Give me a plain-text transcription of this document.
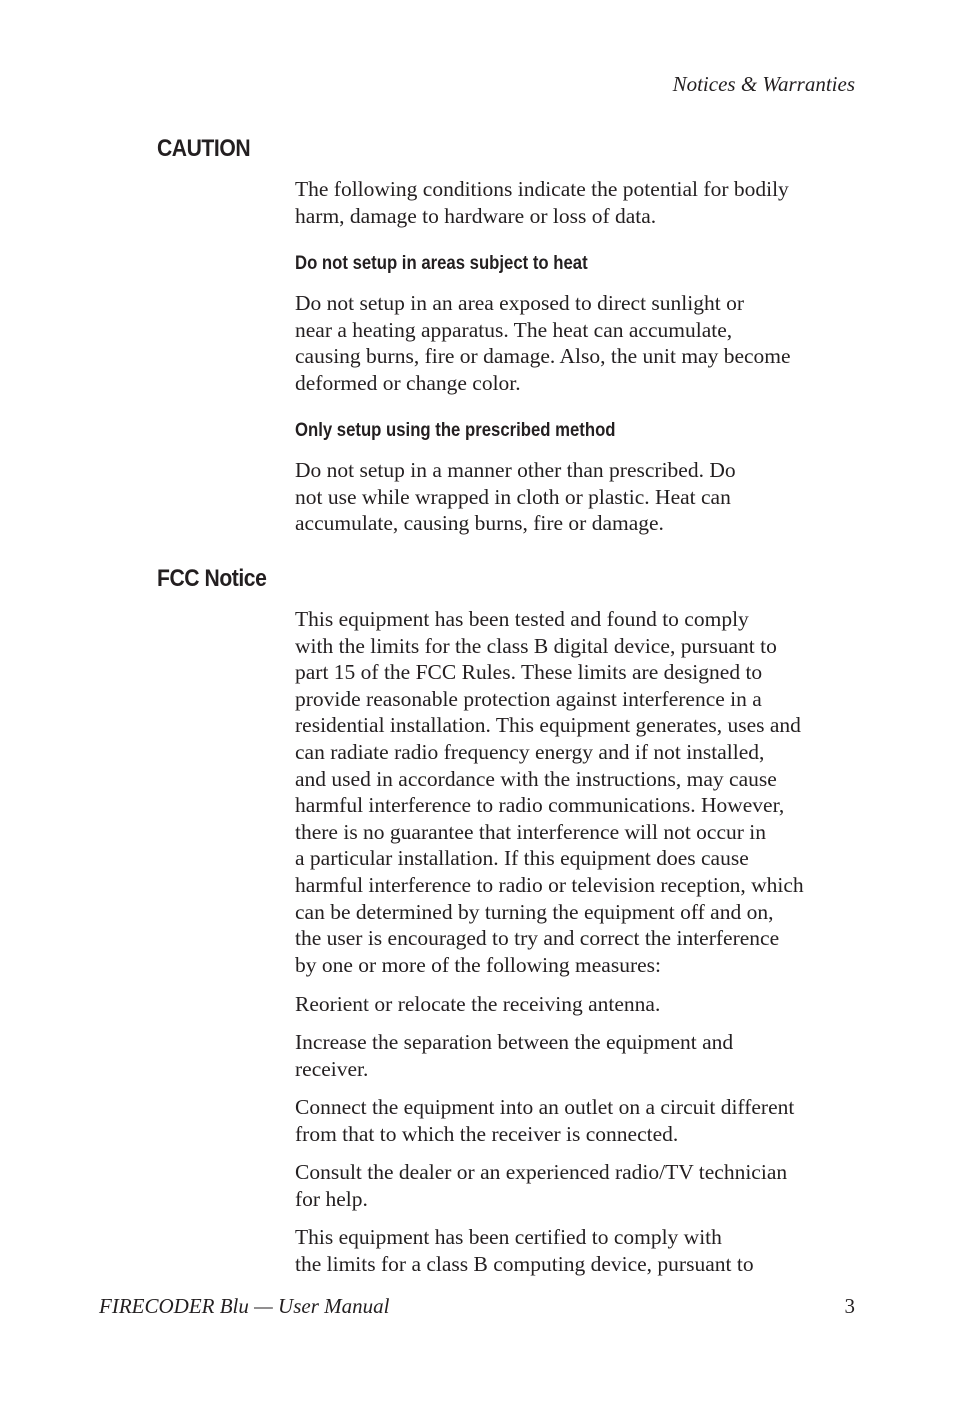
Notices & Warranties
CAUTION

The following conditions indicate the potential for bodily
harm, damage to hardware or loss of data.

Do not setup in areas subject to heat

Do not setup in an area exposed to direct sunlight or
near a heating apparatus. The heat can accumulate,
causing burns, fire or damage. Also, the unit may become
deformed or change color.

Only setup using the prescribed method

Do not setup in a manner other than prescribed. Do
not use while wrapped in cloth or plastic. Heat can
accumulate, causing burns, fire or damage.

FCC Notice

This equipment has been tested and found to comply
with the limits for the class B digital device, pursuant to
part 15 of the FCC Rules. These limits are designed to
provide reasonable protection against interference in a
residential installation. This equipment generates, uses and
can radiate radio frequency energy and if not installed,
and used in accordance with the instructions, may cause
harmful interference to radio communications. However,
there is no guarantee that interference will not occur in
a particular installation. If this equipment does cause
harmful interference to radio or television reception, which
can be determined by turning the equipment off and on,
the user is encouraged to try and correct the interference
by one or more of the following measures:

Reorient or relocate the receiving antenna.

Increase the separation between the equipment and
receiver.

Connect the equipment into an outlet on a circuit different
from that to which the receiver is connected.

Consult the dealer or an experienced radio/TV technician
for help.

This equipment has been certified to comply with
the limits for a class B computing device, pursuant to

FIRECODER Blu — User Manual	3
